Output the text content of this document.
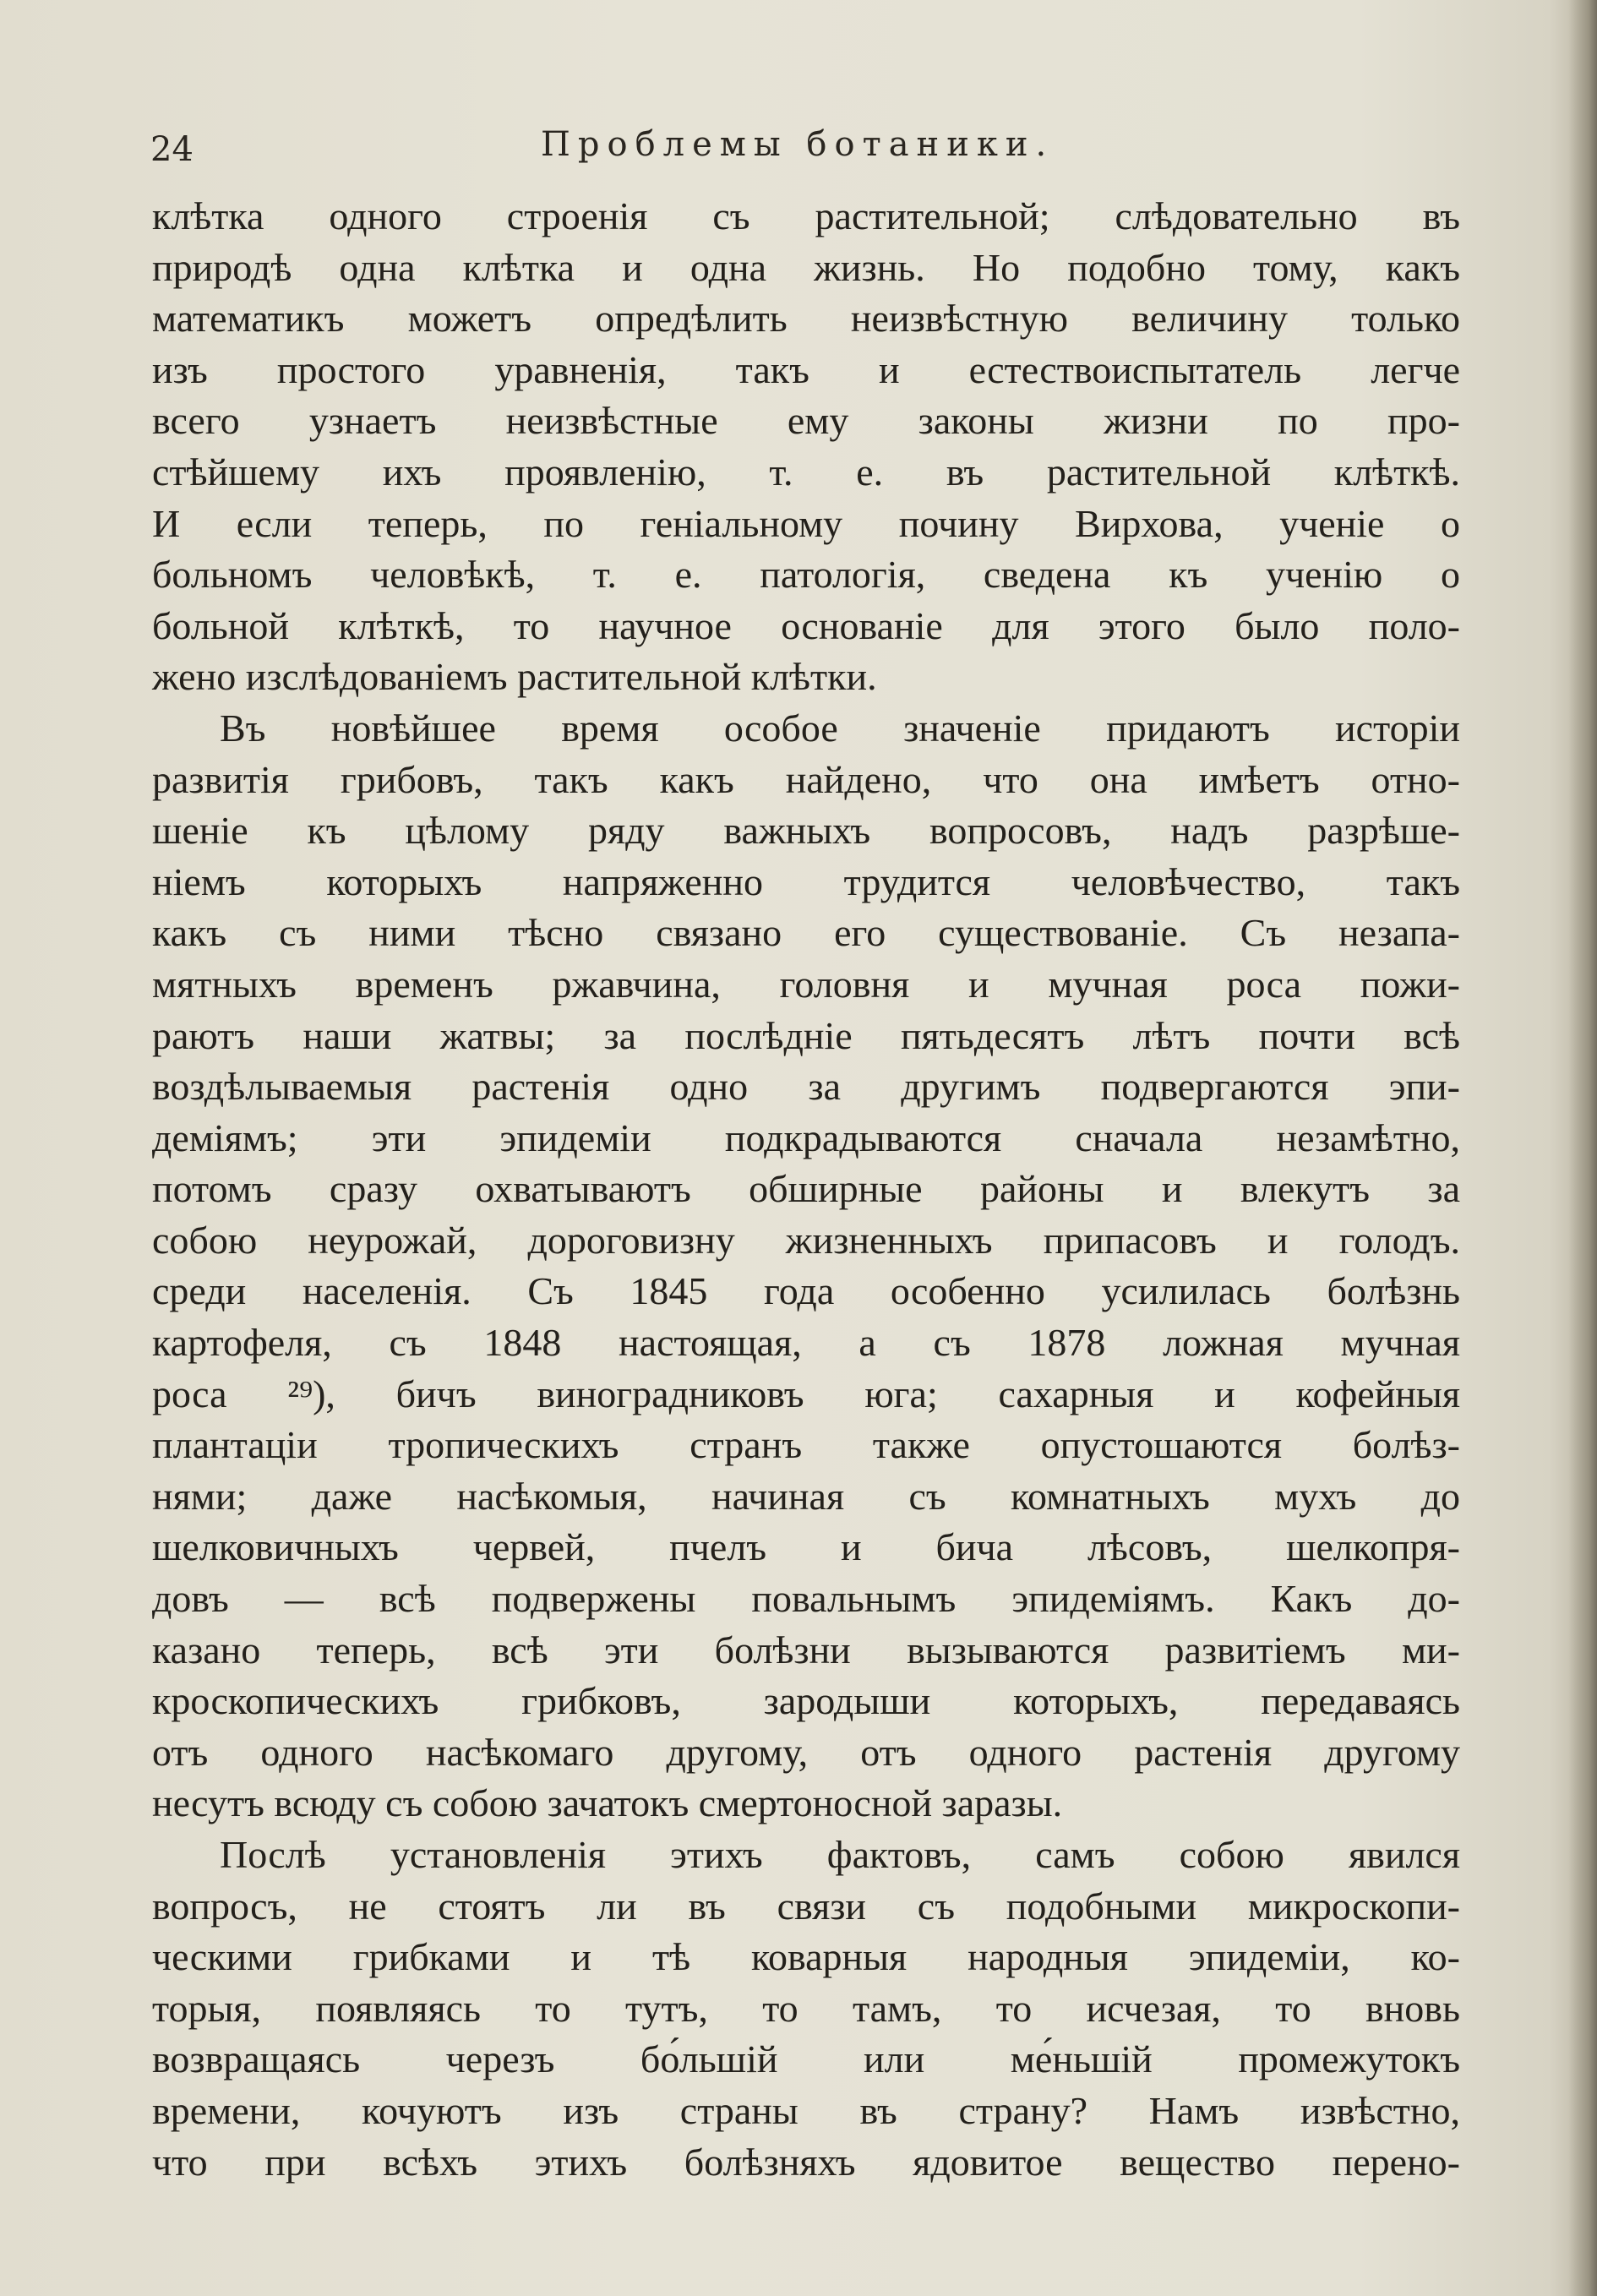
24	Проблемы ботаники.
клѣтка одного строенія съ растительной; слѣдовательно въ
природѣ одна клѣтка и одна жизнь. Но подобно тому, какъ
математикъ можетъ опредѣлить неизвѣстную величину только
изъ простого уравненія, такъ и естествоиспытатель легче
всего узнаетъ неизвѣстные ему законы жизни по про-
стѣйшему ихъ проявленію, т. е. въ растительной клѣткѣ.
И если теперь, по геніальному почину Вирхова, ученіе о
больномъ человѣкѣ, т. е. патологія, сведена къ ученію о
больной клѣткѣ, то научное основаніе для этого было поло-
жено изслѣдованіемъ растительной клѣтки.
Въ новѣйшее время особое значеніе придаютъ исторіи
развитія грибовъ, такъ какъ найдено, что она имѣетъ отно-
шеніе къ цѣлому ряду важныхъ вопросовъ, надъ разрѣше-
ніемъ которыхъ напряженно трудится человѣчество, такъ
какъ съ ними тѣсно связано его существованіе. Съ незапа-
мятныхъ временъ ржавчина, головня и мучная роса пожи-
раютъ наши жатвы; за послѣдніе пятьдесятъ лѣтъ почти всѣ
воздѣлываемыя растенія одно за другимъ подвергаются эпи-
деміямъ; эти эпидеміи подкрадываются сначала незамѣтно,
потомъ сразу охватываютъ обширные районы и влекутъ за
собою неурожай, дороговизну жизненныхъ припасовъ и голодъ.
среди населенія. Съ 1845 года особенно усилилась болѣзнь
картофеля, съ 1848 настоящая, а съ 1878 ложная мучная
роса ²⁹), бичъ виноградниковъ юга; сахарныя и кофейныя
плантаціи тропическихъ странъ также опустошаются болѣз-
нями; даже насѣкомыя, начиная съ комнатныхъ мухъ до
шелковичныхъ червей, пчелъ и бича лѣсовъ, шелкопря-
довъ — всѣ подвержены повальнымъ эпидеміямъ. Какъ до-
казано теперь, всѣ эти болѣзни вызываются развитіемъ ми-
кроскопическихъ грибковъ, зародыши которыхъ, передаваясь
отъ одного насѣкомаго другому, отъ одного растенія другому
несутъ всюду съ собою зачатокъ смертоносной заразы.
Послѣ установленія этихъ фактовъ, самъ собою явился
вопросъ, не стоятъ ли въ связи съ подобными микроскопи-
ческими грибками и тѣ коварныя народныя эпидеміи, ко-
торыя, появляясь то тутъ, то тамъ, то исчезая, то вновь
возвращаясь черезъ бо́льшій или ме́ньшій промежутокъ
времени, кочуютъ изъ страны въ страну? Намъ извѣстно,
что при всѣхъ этихъ болѣзняхъ ядовитое вещество перено-
